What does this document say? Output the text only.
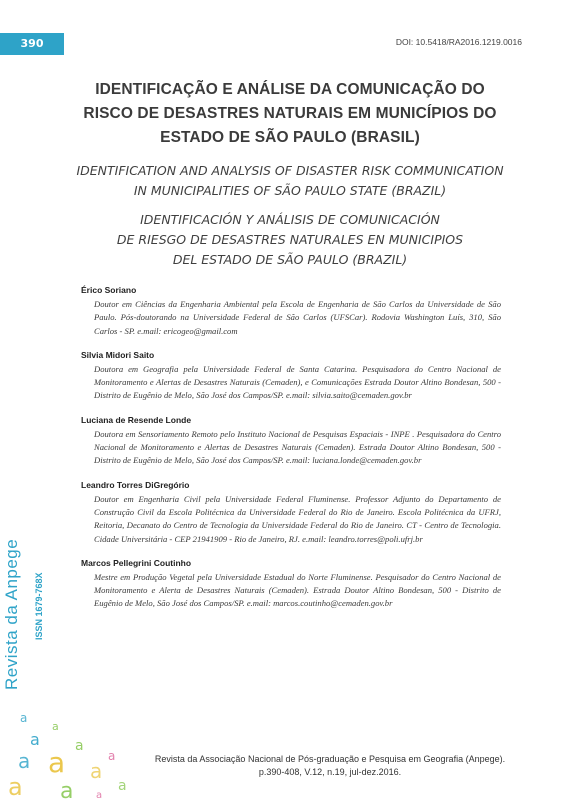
390	DOI: 10.5418/RA2016.1219.0016
IDENTIFICAÇÃO E ANÁLISE DA COMUNICAÇÃO DO
RISCO DE DESASTRES NATURAIS EM MUNICÍPIOS DO
ESTADO DE SÃO PAULO (BRASIL)
IDENTIFICATION AND ANALYSIS OF DISASTER RISK COMMUNICATION
IN MUNICIPALITIES OF SÃO PAULO STATE (BRAZIL)
IDENTIFICACIÓN Y ANÁLISIS DE COMUNICACIÓN
DE RIESGO DE DESASTRES NATURALES EN MUNICIPIOS
DEL ESTADO DE SÃO PAULO (BRAZIL)
Érico Soriano
Doutor em Ciências da Engenharia Ambiental pela Escola de Engenharia de São Carlos da Universidade de São Paulo. Pós-doutorando na Universidade Federal de São Carlos (UFSCar). Rodovia Washington Luís, 310, São Carlos - SP. e.mail: ericogeo@gmail.com
Silvia Midori Saito
Doutora em Geografia pela Universidade Federal de Santa Catarina. Pesquisadora do Centro Nacional de Monitoramento e Alertas de Desastres Naturais (Cemaden), e Comunicações Estrada Doutor Altino Bondesan, 500 - Distrito de Eugênio de Melo, São José dos Campos/SP. e.mail: silvia.saito@cemaden.gov.br
Luciana de Resende Londe
Doutora em Sensoriamento Remoto pelo Instituto Nacional de Pesquisas Espaciais - INPE . Pesquisadora do Centro Nacional de Monitoramento e Alertas de Desastres Naturais (Cemaden). Estrada Doutor Altino Bondesan, 500 - Distrito de Eugênio de Melo, São José dos Campos/SP. e.mail: luciana.londe@cemaden.gov.br
Leandro Torres DiGregório
Doutor em Engenharia Civil pela Universidade Federal Fluminense. Professor Adjunto do Departamento de Construção Civil da Escola Politécnica da Universidade Federal do Rio de Janeiro. Escola Politécnica da UFRJ, Reitoria, Decanato do Centro de Tecnologia da Universidade Federal do Rio de Janeiro. CT - Centro de Tecnologia. Cidade Universitária - CEP 21941909 - Rio de Janeiro, RJ. e.mail: leandro.torres@poli.ufrj.br
Marcos Pellegrini Coutinho
Mestre em Produção Vegetal pela Universidade Estadual do Norte Fluminense. Pesquisador do Centro Nacional de Monitoramento e Alerta de Desastres Naturais (Cemaden). Estrada Doutor Altino Bondesan, 500 - Distrito de Eugênio de Melo, São José dos Campos/SP. e.mail: marcos.coutinho@cemaden.gov.br
Revista da Anpege ISSN 1679-768X
a
a
a
a a a
a
a a
a
a
a
Revista da Associação Nacional de Pós-graduação e Pesquisa em Geografia (Anpege).
p.390-408, V.12, n.19, jul-dez.2016.
